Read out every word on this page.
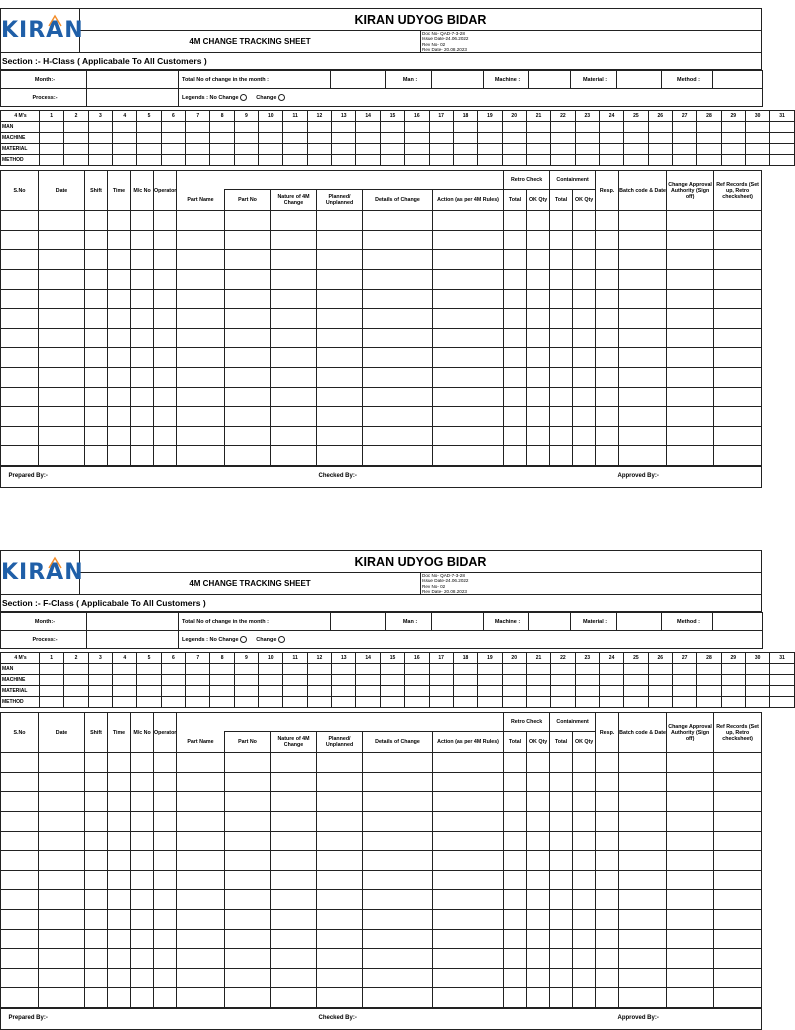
KIRAN	KIRAN UDYOG BIDAR	
	4M CHANGE TRACKING SHEET	Doc No- QAD-7-3-28
Issue Date-24.06.2022
Rev No- 02
Rev Date- 20.08.2023
Section :- H-Class ( Applicabale To All Customers )
Month:-		Total No of change in the month :		Man :		Machine :		Material :		Method :	
Process:-		Legends : No Change Change									
4 M's	1	2	3	4	5	6	7	8	9	10	11	12	13	14	15	16	17	18	19	20	21	22	23	24	25	26	27	28	29	30	31
MAN																															
MACHINE																															
MATERIAL																															
METHOD																															
S.No	Date	Shift	Time	M/c No	Operator							Retro Check		Containment		Resp.	Batch code & Date	Change Approval Authority (Sign off)	Ref Records (Set up, Retro checksheet)
						Part Name	Part No	Nature of 4M Change	Planned/ Unplanned	Details of Change	Action (as per 4M Rules)	Total	OK Qty	Total	OK Qty				

Prepared By:-	Checked By:-	Approved By:-
KIRAN	KIRAN UDYOG BIDAR	
	4M CHANGE TRACKING SHEET	Doc No- QAD-7-3-28
Issue Date-24.06.2022
Rev No- 02
Rev Date- 20.08.2023
Section :- F-Class ( Applicabale To All Customers )
Month:-		Total No of change in the month :		Man :		Machine :		Material :		Method :	
Process:-		Legends : No Change Change									
4 M's	1	2	3	4	5	6	7	8	9	10	11	12	13	14	15	16	17	18	19	20	21	22	23	24	25	26	27	28	29	30	31
MAN																															
MACHINE																															
MATERIAL																															
METHOD																															
S.No	Date	Shift	Time	M/c No	Operator							Retro Check		Containment		Resp.	Batch code & Date	Change Approval Authority (Sign off)	Ref Records (Set up, Retro checksheet)
						Part Name	Part No	Nature of 4M Change	Planned/ Unplanned	Details of Change	Action (as per 4M Rules)	Total	OK Qty	Total	OK Qty				

Prepared By:-	Checked By:-	Approved By:-
